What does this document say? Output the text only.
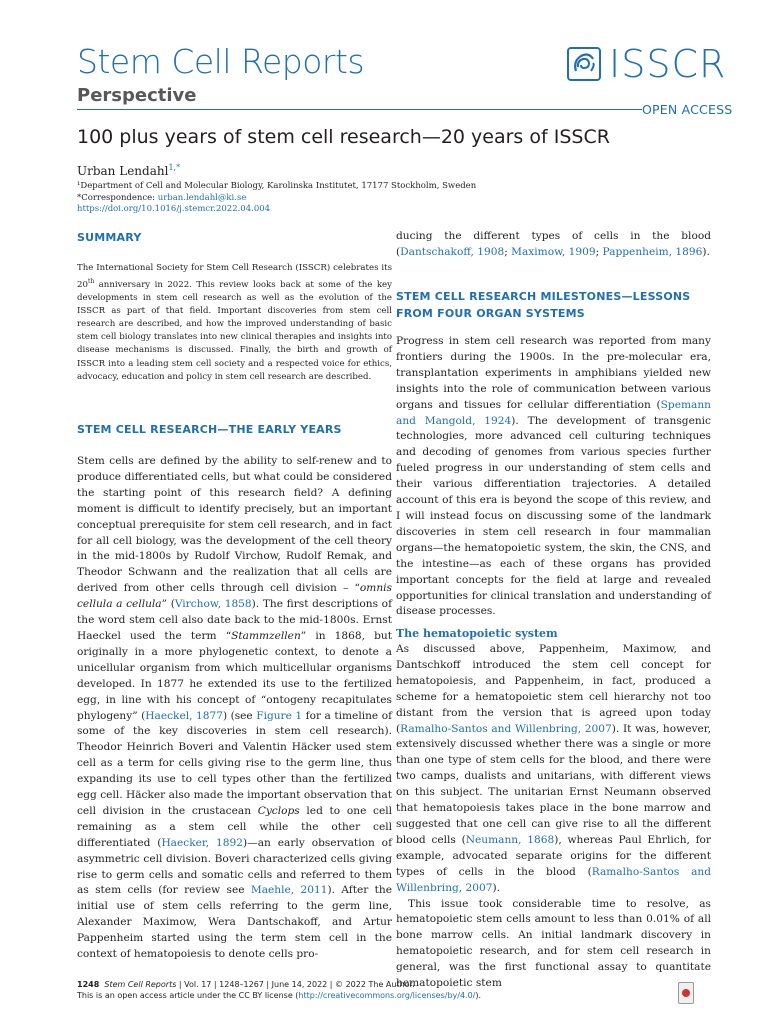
Stem Cell Reports
Perspective
ISSCR
OPEN ACCESS
100 plus years of stem cell research—20 years of ISSCR
Urban Lendahl$^{1,*}$
¹Department of Cell and Molecular Biology, Karolinska Institutet, 17177 Stockholm, Sweden
*Correspondence: urban.lendahl@ki.se
https://doi.org/10.1016/j.stemcr.2022.04.004
SUMMARY
The International Society for Stem Cell Research (ISSCR) celebrates its 20th anniversary in 2022. This review looks back at some of the key developments in stem cell research as well as the evolution of the ISSCR as part of that field. Important discoveries from stem cell research are described, and how the improved understanding of basic stem cell biology translates into new clinical therapies and insights into disease mechanisms is discussed. Finally, the birth and growth of ISSCR into a leading stem cell society and a respected voice for ethics, advocacy, education and policy in stem cell research are described.
STEM CELL RESEARCH—THE EARLY YEARS

Stem cells are defined by the ability to self-renew and to produce differentiated cells, but what could be considered the starting point of this research field? A defining moment is difficult to identify precisely, but an important conceptual prerequisite for stem cell research, and in fact for all cell biology, was the development of the cell theory in the mid-1800s by Rudolf Virchow, Rudolf Remak, and Theodor Schwann and the realization that all cells are derived from other cells through cell division – “omnis cellula a cellula” (Virchow, 1858). The first descriptions of the word stem cell also date back to the mid-1800s. Ernst Haeckel used the term “Stammzellen” in 1868, but originally in a more phylogenetic context, to denote a unicellular organism from which multicellular organisms developed. In 1877 he extended its use to the fertilized egg, in line with his concept of “ontogeny recapitulates phylogeny” (Haeckel, 1877) (see Figure 1 for a timeline of some of the key discoveries in stem cell research). Theodor Heinrich Boveri and Valentin Häcker used stem cell as a term for cells giving rise to the germ line, thus expanding its use to cell types other than the fertilized egg cell. Häcker also made the important observation that cell division in the crustacean Cyclops led to one cell remaining as a stem cell while the other cell differentiated (Haecker, 1892)—an early observation of asymmetric cell division. Boveri characterized cells giving rise to germ cells and somatic cells and referred to them as stem cells (for review see Maehle, 2011). After the initial use of stem cells referring to the germ line, Alexander Maximow, Wera Dantschakoff, and Artur Pappenheim started using the term stem cell in the context of hematopoiesis to denote cells pro-

ducing the different types of cells in the blood (Dantschakoff, 1908; Maximow, 1909; Pappenheim, 1896).

STEM CELL RESEARCH MILESTONES—LESSONS FROM FOUR ORGAN SYSTEMS

Progress in stem cell research was reported from many frontiers during the 1900s. In the pre-molecular era, transplantation experiments in amphibians yielded new insights into the role of communication between various organs and tissues for cellular differentiation (Spemann and Mangold, 1924). The development of transgenic technologies, more advanced cell culturing techniques and decoding of genomes from various species further fueled progress in our understanding of stem cells and their various differentiation trajectories. A detailed account of this era is beyond the scope of this review, and I will instead focus on discussing some of the landmark discoveries in stem cell research in four mammalian organs—the hematopoietic system, the skin, the CNS, and the intestine—as each of these organs has provided important concepts for the field at large and revealed opportunities for clinical translation and understanding of disease processes.

The hematopoietic system

As discussed above, Pappenheim, Maximow, and Dantschkoff introduced the stem cell concept for hematopoiesis, and Pappenheim, in fact, produced a scheme for a hematopoietic stem cell hierarchy not too distant from the version that is agreed upon today (Ramalho-Santos and Willenbring, 2007). It was, however, extensively discussed whether there was a single or more than one type of stem cells for the blood, and there were two camps, dualists and unitarians, with different views on this subject. The unitarian Ernst Neumann observed that hematopoiesis takes place in the bone marrow and suggested that one cell can give rise to all the different blood cells (Neumann, 1868), whereas Paul Ehrlich, for example, advocated separate origins for the different types of cells in the blood (Ramalho-Santos and Willenbring, 2007).

This issue took considerable time to resolve, as hematopoietic stem cells amount to less than 0.01% of all bone marrow cells. An initial landmark discovery in hematopoietic research, and for stem cell research in general, was the first functional assay to quantitate hematopoietic stem

1248 Stem Cell Reports | Vol. 17 | 1248–1267 | June 14, 2022 | © 2022 The Author.
This is an open access article under the CC BY license (http://creativecommons.org/licenses/by/4.0/).
